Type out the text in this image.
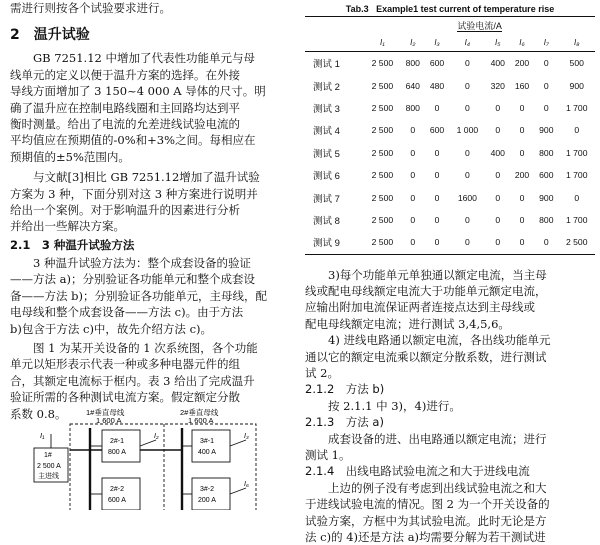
需进行则按各个试验要求进行。

2　温升试验

GB 7251.12 中增加了代表性功能单元与母

线单元的定义以便于温升方案的选择。在外接

导线方面增加了 3 150~4 000 A 导体的尺寸。明

确了温升应在控制电路线圈和主回路均达到平

衡时测量。给出了电流的允差进线试验电流的

平均值应在预期值的-0%和+3%之间。每相应在

预期值的±5%范围内。

与文献[3]相比 GB 7251.12增加了温升试验

方案为 3 种，下面分别对这 3 种方案进行说明并

给出一个案例。对于影响温升的因素进行分析

并给出一些解决方案。

2.1　3 种温升试验方法

3 种温升试验方法为：整个成套设备的验证

——方法 a)；分别验证各功能单元和整个成套设

备——方法 b)；分别验证各功能单元，主母线，配

电母线和整个成套设备——方法 c)。由于方法

b)包含于方法 c)中，故先介绍方法 c)。

图 1 为某开关设备的 1 次系统图，各个功能

单元以矩形表示代表一种或多种电器元件的组

合，其额定电流标于框内。表 3 给出了完成温升

验证所需的各种测试电流方案。假定额定分散

系数 0.8。	1#垂直母线
1 600 A
2#垂直母线
1 600 A
1#
2 500 A
主进线
I₁
2#-1
800 A
3#-1
400 A
2#-2
600 A
3#-2
200 A
I₂	I₃
I₆
Tab.3 Example1 test current of temperature rise
	试验电流/A							
	I₁	I₂	I₃	I₄	I₅	I₆	I₇	I₈
测试 1	2 500	800	600	0	400	200	0	500
测试 2	2 500	640	480	0	320	160	0	900
测试 3	2 500	800	0	0	0	0	0	1 700
测试 4	2 500	0	600	1 000	0	0	900	0
测试 5	2 500	0	0	0	400	0	800	1 700
测试 6	2 500	0	0	0	0	200	600	1 700
测试 7	2 500	0	0	1600	0	0	900	0
测试 8	2 500	0	0	0	0	0	800	1 700
测试 9	2 500	0	0	0	0	0	0	2 500

3)每个功能单元单独通以额定电流，当主母

线或配电母线额定电流大于功能单元额定电流，

应输出附加电流保证两者连接点达到主母线或

配电母线额定电流；进行测试 3,4,5,6。

4) 进线电路通以额定电流，各出线功能单元

通以它的额定电流乘以额定分散系数，进行测试

试 2。

2.1.2　方法 b)

按 2.1.1 中 3)，4)进行。

2.1.3　方法 a)

成套设备的进、出电路通以额定电流；进行

测试 1。

2.1.4　出线电路试验电流之和大于进线电流

上边的例子没有考虑到出线试验电流之和大

于进线试验电流的情况。图 2 为一个开关设备的

试验方案，方框中为其试验电流。此时无论是方

法 c)的 4)还是方法 a)均需要分解为若干测试进
